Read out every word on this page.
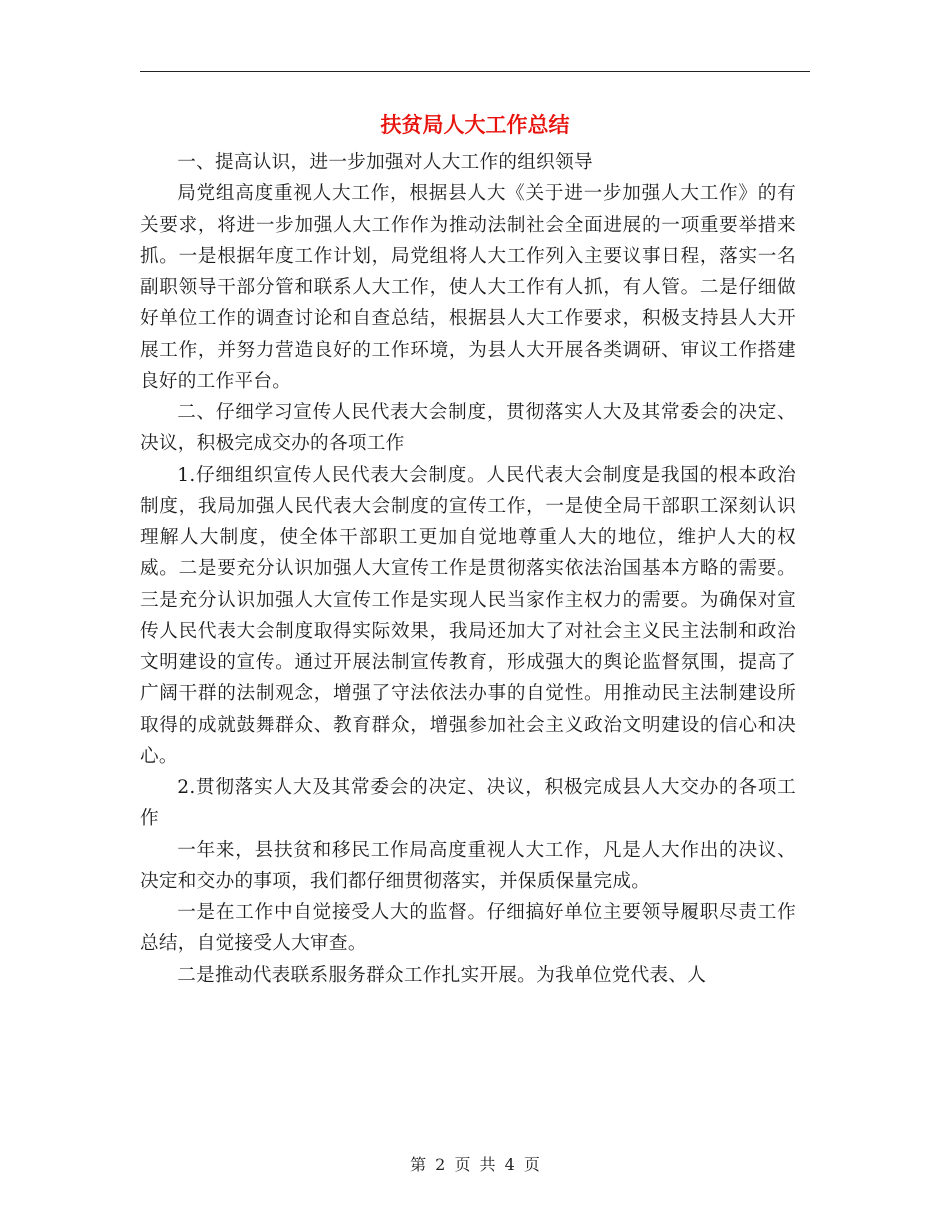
扶贫局人大工作总结

一、提高认识，进一步加强对人大工作的组织领导

局党组高度重视人大工作，根据县人大《关于进一步加强人大工作》的有关要求，将进一步加强人大工作作为推动法制社会全面进展的一项重要举措来抓。一是根据年度工作计划，局党组将人大工作列入主要议事日程，落实一名副职领导干部分管和联系人大工作，使人大工作有人抓，有人管。二是仔细做好单位工作的调查讨论和自查总结，根据县人大工作要求，积极支持县人大开展工作，并努力营造良好的工作环境，为县人大开展各类调研、审议工作搭建良好的工作平台。

二、仔细学习宣传人民代表大会制度，贯彻落实人大及其常委会的决定、决议，积极完成交办的各项工作

1.仔细组织宣传人民代表大会制度。人民代表大会制度是我国的根本政治制度，我局加强人民代表大会制度的宣传工作，一是使全局干部职工深刻认识理解人大制度，使全体干部职工更加自觉地尊重人大的地位，维护人大的权威。二是要充分认识加强人大宣传工作是贯彻落实依法治国基本方略的需要。三是充分认识加强人大宣传工作是实现人民当家作主权力的需要。为确保对宣传人民代表大会制度取得实际效果，我局还加大了对社会主义民主法制和政治文明建设的宣传。通过开展法制宣传教育，形成强大的舆论监督氛围，提高了广阔干群的法制观念，增强了守法依法办事的自觉性。用推动民主法制建设所取得的成就鼓舞群众、教育群众，增强参加社会主义政治文明建设的信心和决心。

2.贯彻落实人大及其常委会的决定、决议，积极完成县人大交办的各项工作

一年来，县扶贫和移民工作局高度重视人大工作，凡是人大作出的决议、决定和交办的事项，我们都仔细贯彻落实，并保质保量完成。

一是在工作中自觉接受人大的监督。仔细搞好单位主要领导履职尽责工作总结，自觉接受人大审查。

二是推动代表联系服务群众工作扎实开展。为我单位党代表、人

第 2 页 共 4 页
